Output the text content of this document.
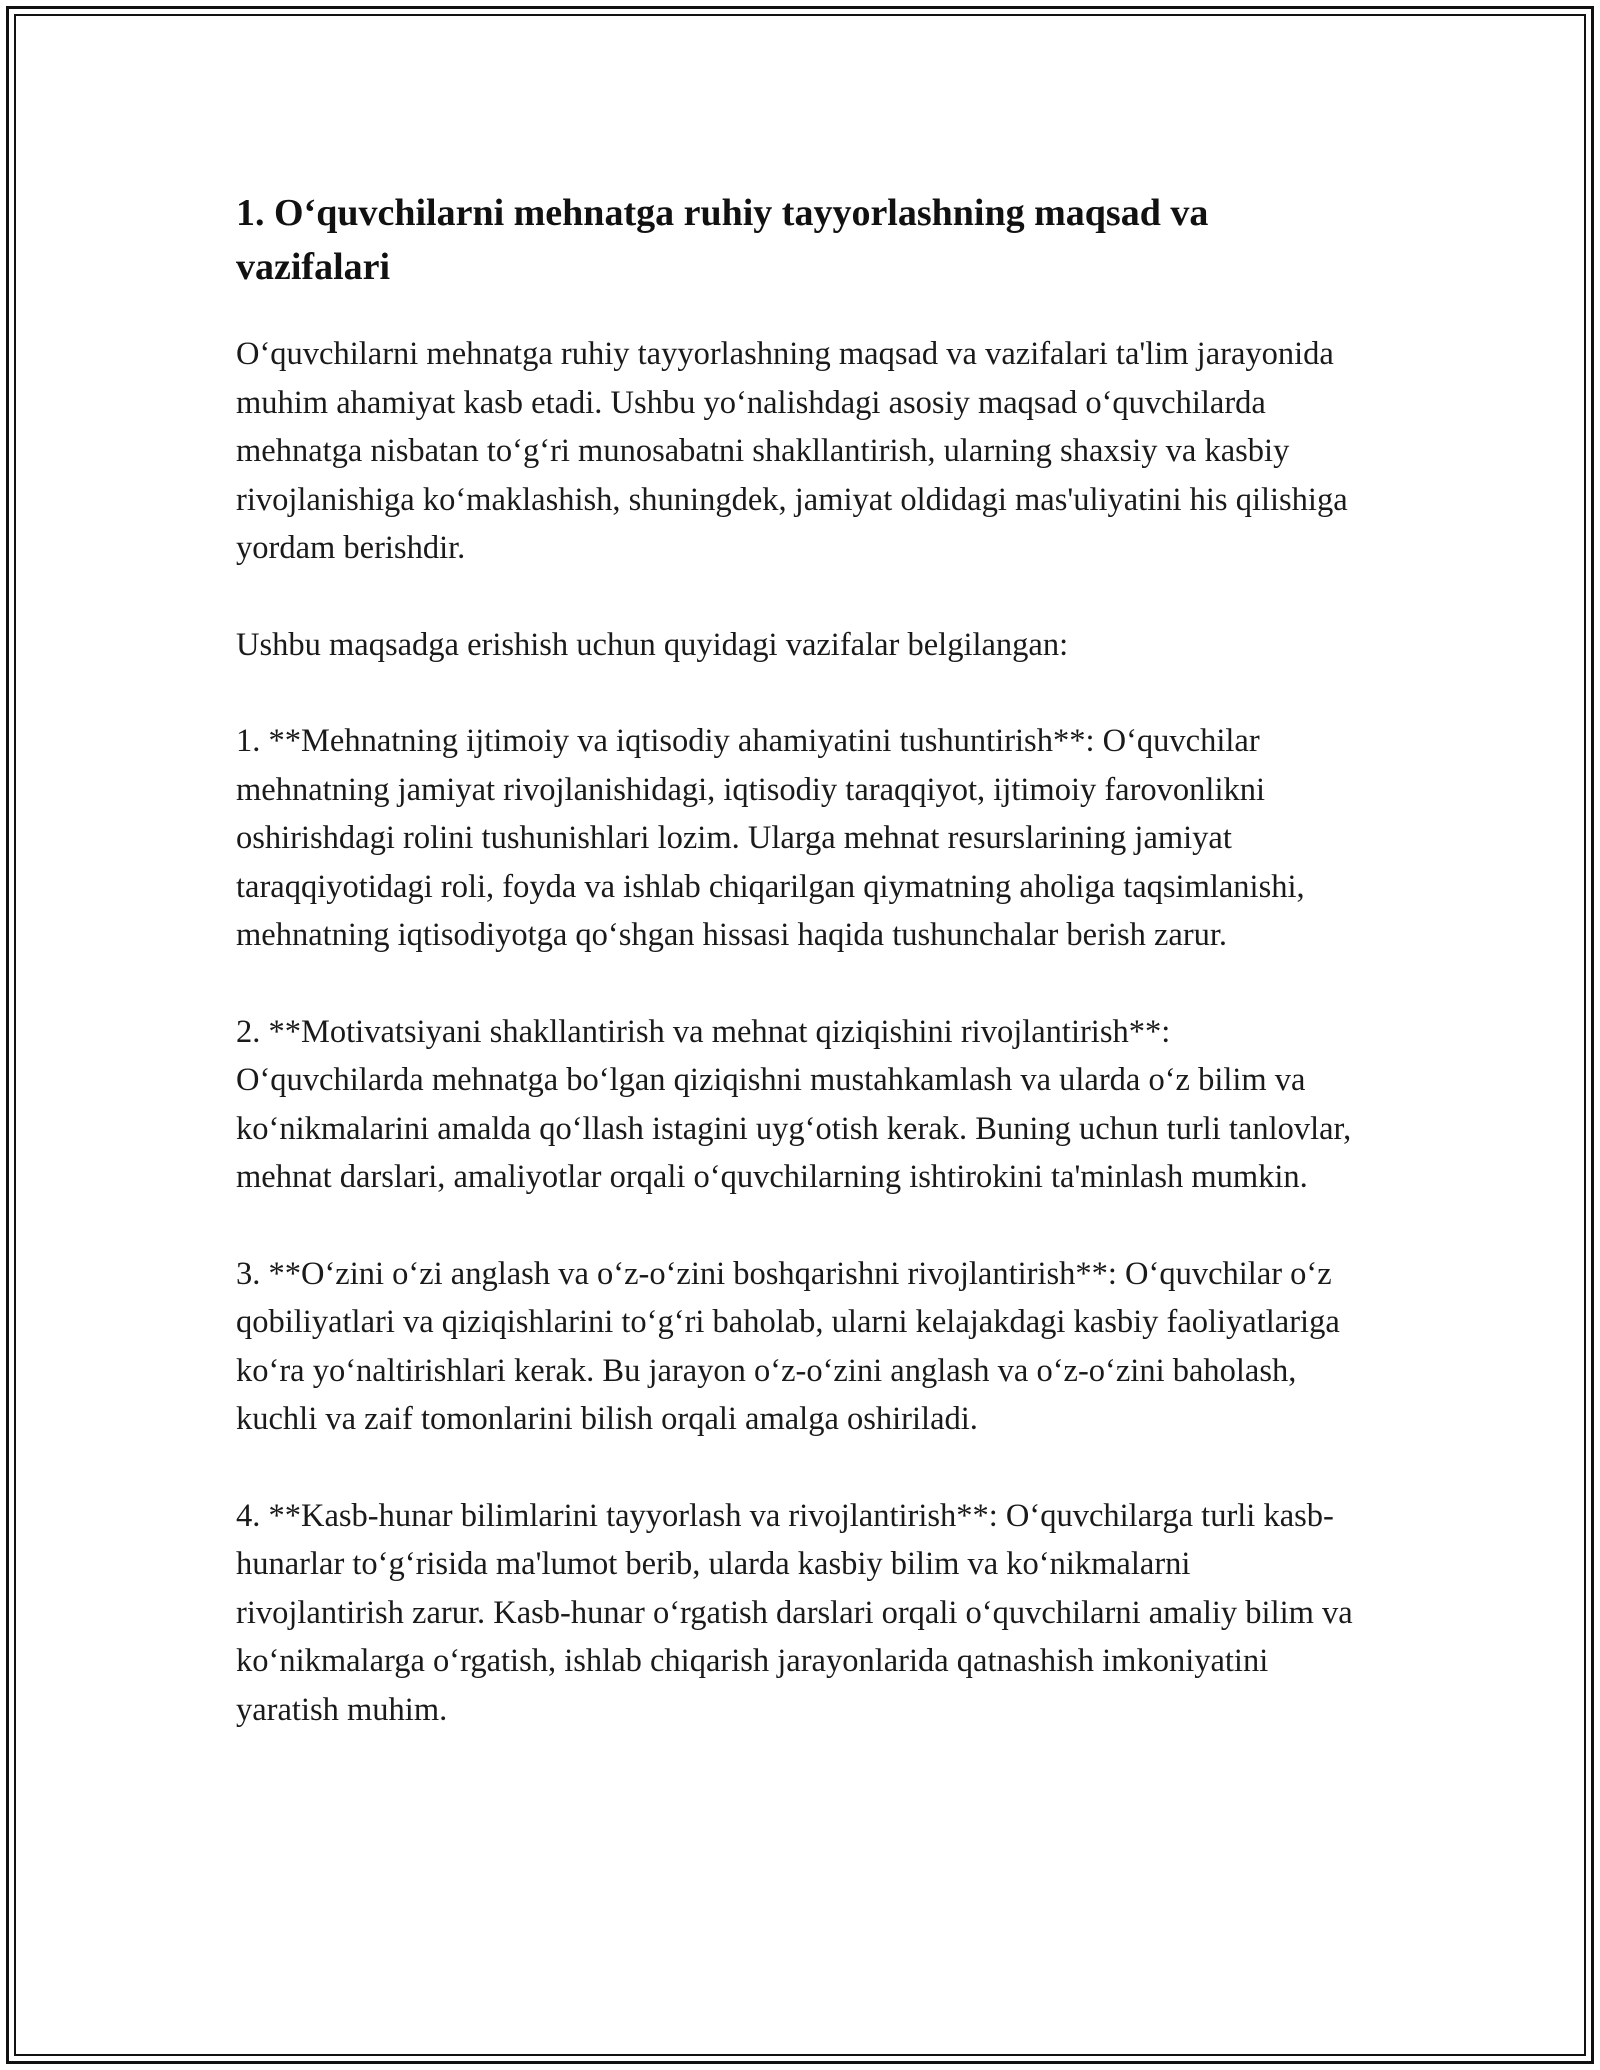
1. O‘quvchilarni mehnatga ruhiy tayyorlashning maqsad va vazifalari

O‘quvchilarni mehnatga ruhiy tayyorlashning maqsad va vazifalari ta'lim jarayonida muhim ahamiyat kasb etadi. Ushbu yo‘nalishdagi asosiy maqsad o‘quvchilarda mehnatga nisbatan to‘g‘ri munosabatni shakllantirish, ularning shaxsiy va kasbiy rivojlanishiga ko‘maklashish, shuningdek, jamiyat oldidagi mas'uliyatini his qilishiga yordam berishdir.

Ushbu maqsadga erishish uchun quyidagi vazifalar belgilangan:

1. **Mehnatning ijtimoiy va iqtisodiy ahamiyatini tushuntirish**: O‘quvchilar mehnatning jamiyat rivojlanishidagi, iqtisodiy taraqqiyot, ijtimoiy farovonlikni oshirishdagi rolini tushunishlari lozim. Ularga mehnat resurslarining jamiyat taraqqiyotidagi roli, foyda va ishlab chiqarilgan qiymatning aholiga taqsimlanishi, mehnatning iqtisodiyotga qo‘shgan hissasi haqida tushunchalar berish zarur.

2. **Motivatsiyani shakllantirish va mehnat qiziqishini rivojlantirish**: O‘quvchilarda mehnatga bo‘lgan qiziqishni mustahkamlash va ularda o‘z bilim va ko‘nikmalarini amalda qo‘llash istagini uyg‘otish kerak. Buning uchun turli tanlovlar, mehnat darslari, amaliyotlar orqali o‘quvchilarning ishtirokini ta'minlash mumkin.

3. **O‘zini o‘zi anglash va o‘z-o‘zini boshqarishni rivojlantirish**: O‘quvchilar o‘z qobiliyatlari va qiziqishlarini to‘g‘ri baholab, ularni kelajakdagi kasbiy faoliyatlariga ko‘ra yo‘naltirishlari kerak. Bu jarayon o‘z-o‘zini anglash va o‘z-o‘zini baholash, kuchli va zaif tomonlarini bilish orqali amalga oshiriladi.

4. **Kasb-hunar bilimlarini tayyorlash va rivojlantirish**: O‘quvchilarga turli kasb-hunarlar to‘g‘risida ma'lumot berib, ularda kasbiy bilim va ko‘nikmalarni rivojlantirish zarur. Kasb-hunar o‘rgatish darslari orqali o‘quvchilarni amaliy bilim va ko‘nikmalarga o‘rgatish, ishlab chiqarish jarayonlarida qatnashish imkoniyatini yaratish muhim.
